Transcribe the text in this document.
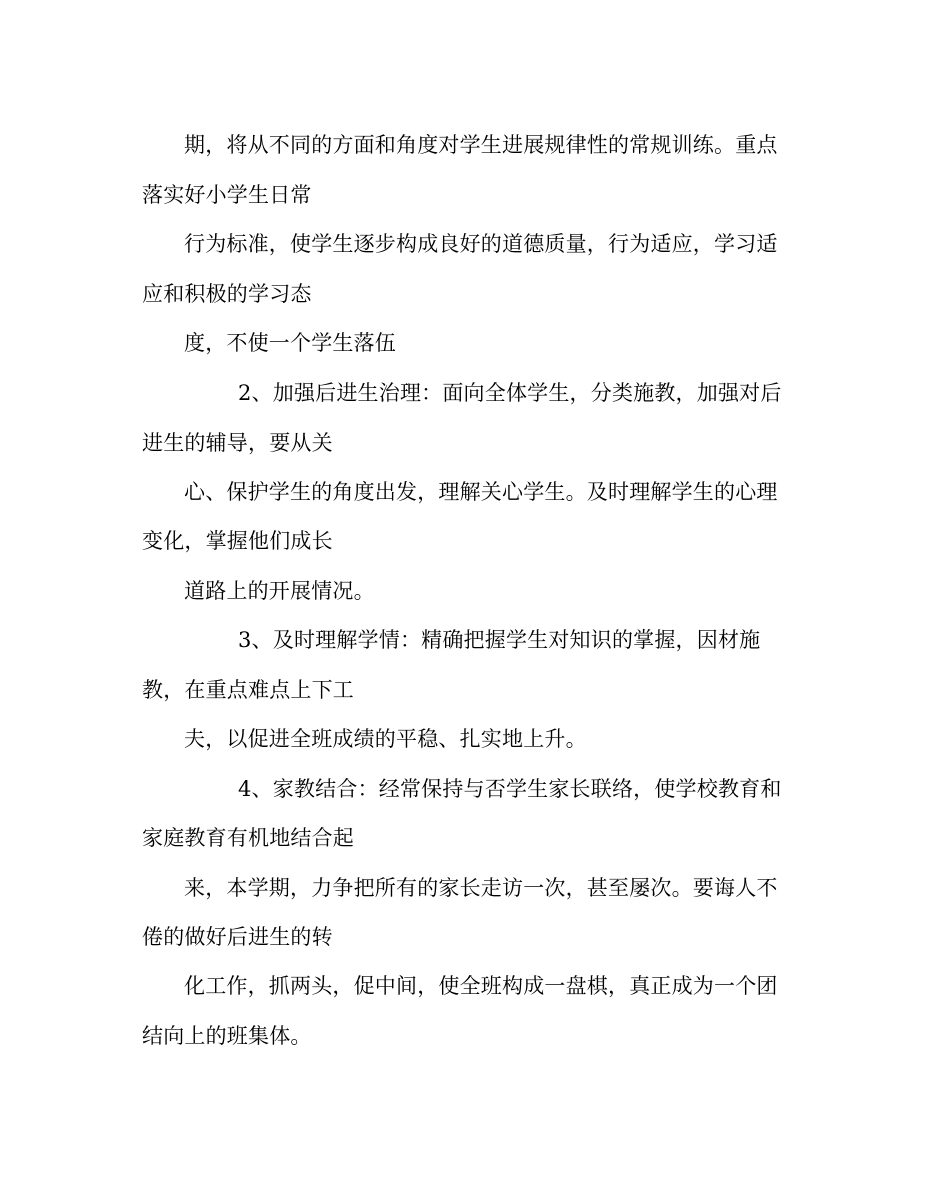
期，将从不同的方面和角度对学生进展规律性的常规训练。重点

落实好小学生日常

行为标准，使学生逐步构成良好的道德质量，行为适应，学习适

应和积极的学习态

度，不使一个学生落伍

2、加强后进生治理：面向全体学生，分类施教，加强对后

进生的辅导，要从关

心、保护学生的角度出发，理解关心学生。及时理解学生的心理

变化，掌握他们成长

道路上的开展情况。

3、及时理解学情：精确把握学生对知识的掌握，因材施

教，在重点难点上下工

夫，以促进全班成绩的平稳、扎实地上升。

4、家教结合：经常保持与否学生家长联络，使学校教育和

家庭教育有机地结合起

来，本学期，力争把所有的家长走访一次，甚至屡次。要诲人不

倦的做好后进生的转

化工作，抓两头，促中间，使全班构成一盘棋，真正成为一个团

结向上的班集体。
